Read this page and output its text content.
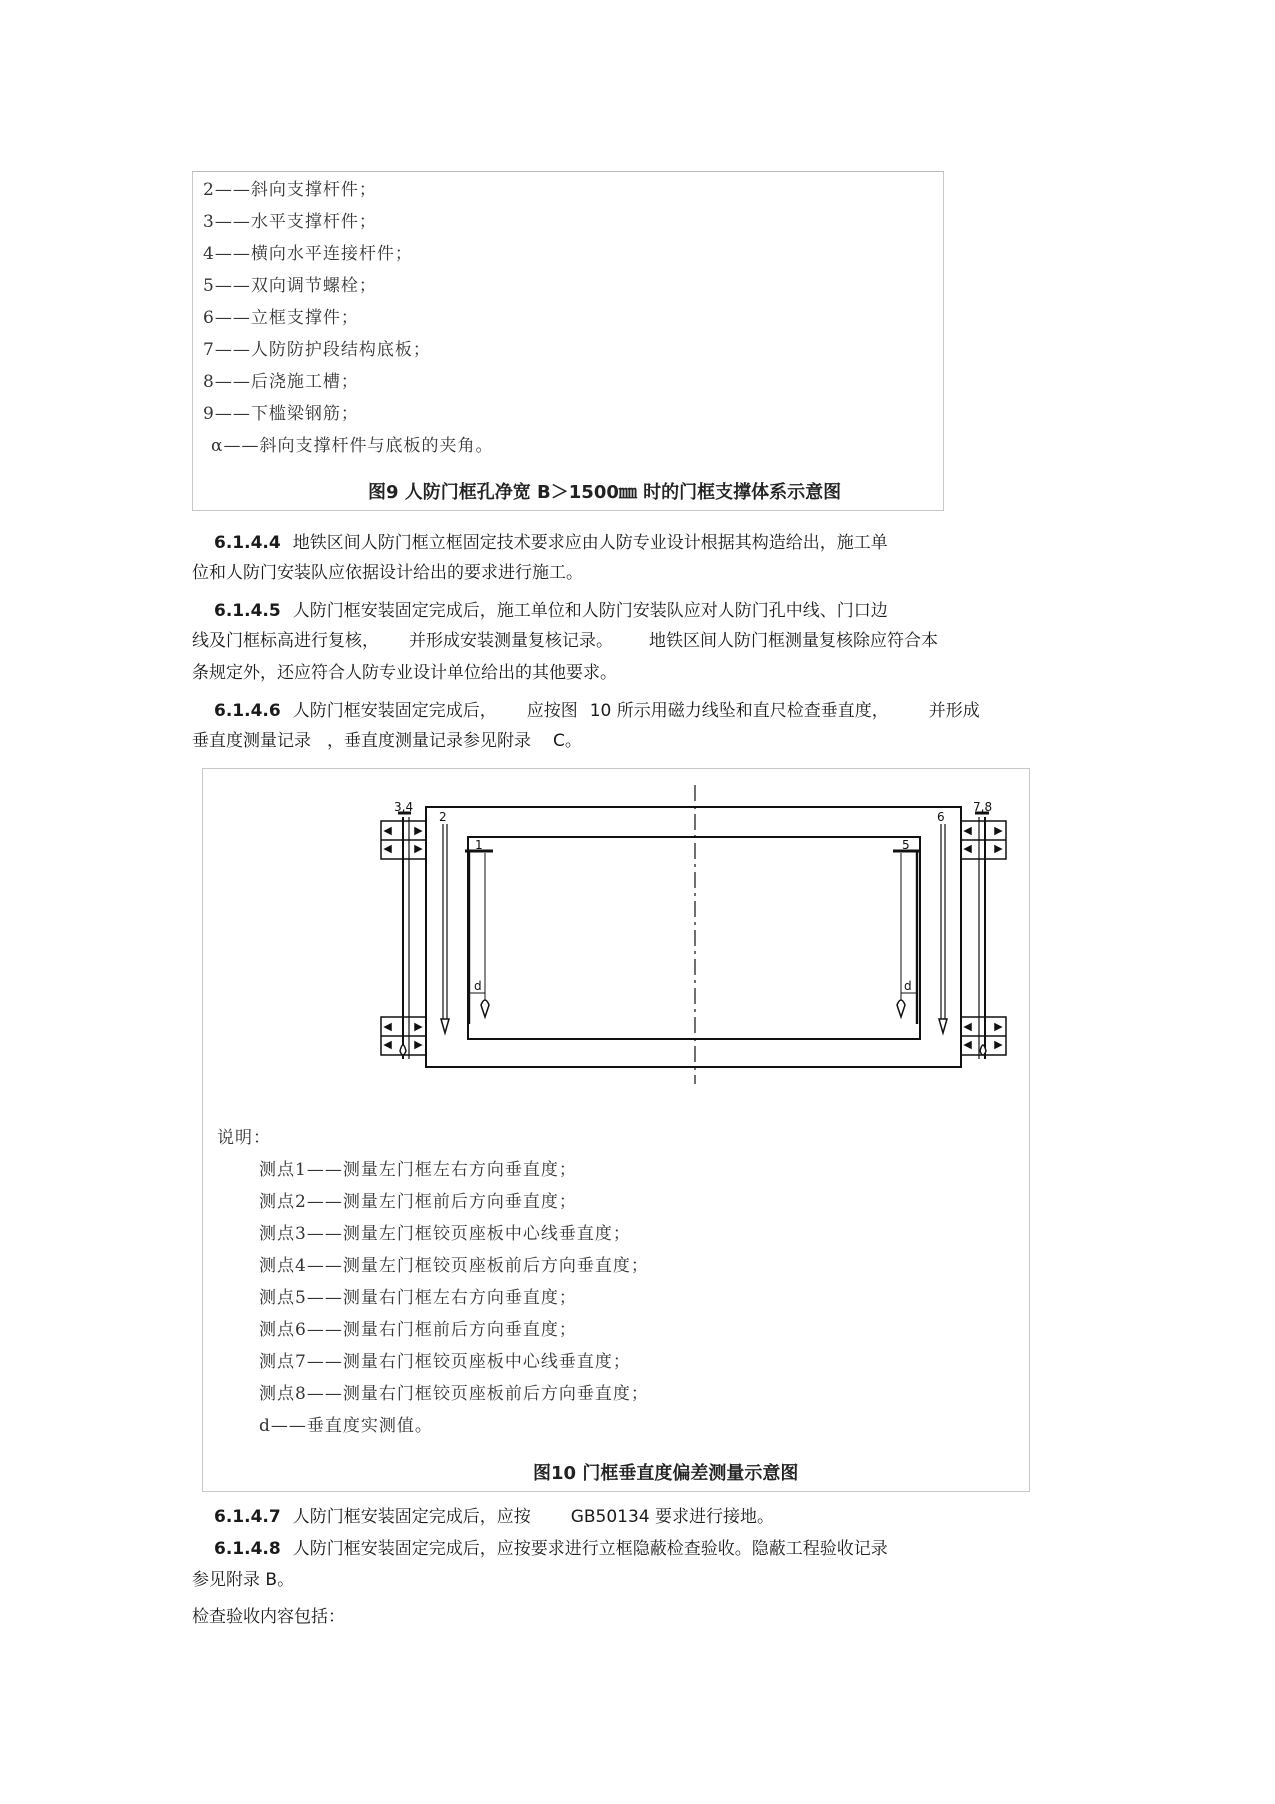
2——斜向支撑杆件；
3——水平支撑杆件；
4——横向水平连接杆件；
5——双向调节螺栓；
6——立框支撑件；
7——人防防护段结构底板；
8——后浇施工槽；
9——下槛梁钢筋；
α——斜向支撑杆件与底板的夹角。
图9 人防门框孔净宽 B＞1500㎜ 时的门框支撑体系示意图
6.1.4.4 地铁区间人防门框立框固定技术要求应由人防专业设计根据其构造给出，施工单
位和人防门安装队应依据设计给出的要求进行施工。
6.1.4.5 人防门框安装固定完成后，施工单位和人防门安装队应对人防门孔中线、门口边
线及门框标高进行复核， 并形成安装测量复核记录。 地铁区间人防门框测量复核除应符合本
条规定外，还应符合人防专业设计单位给出的其他要求。
6.1.4.6 人防门框安装固定完成后， 应按图 10 所示用磁力线坠和直尺检查垂直度， 并形成
垂直度测量记录 ，垂直度测量记录参见附录 C。
3,4
2
1	5
6
7,8
d	d
说明：
测点1——测量左门框左右方向垂直度；
测点2——测量左门框前后方向垂直度；
测点3——测量左门框铰页座板中心线垂直度；
测点4——测量左门框铰页座板前后方向垂直度；
测点5——测量右门框左右方向垂直度；
测点6——测量右门框前后方向垂直度；
测点7——测量右门框铰页座板中心线垂直度；
测点8——测量右门框铰页座板前后方向垂直度；
d——垂直度实测值。
图10 门框垂直度偏差测量示意图
6.1.4.7 人防门框安装固定完成后，应按 GB50134 要求进行接地。
6.1.4.8 人防门框安装固定完成后，应按要求进行立框隐蔽检查验收。隐蔽工程验收记录
参见附录 B。
检查验收内容包括：
